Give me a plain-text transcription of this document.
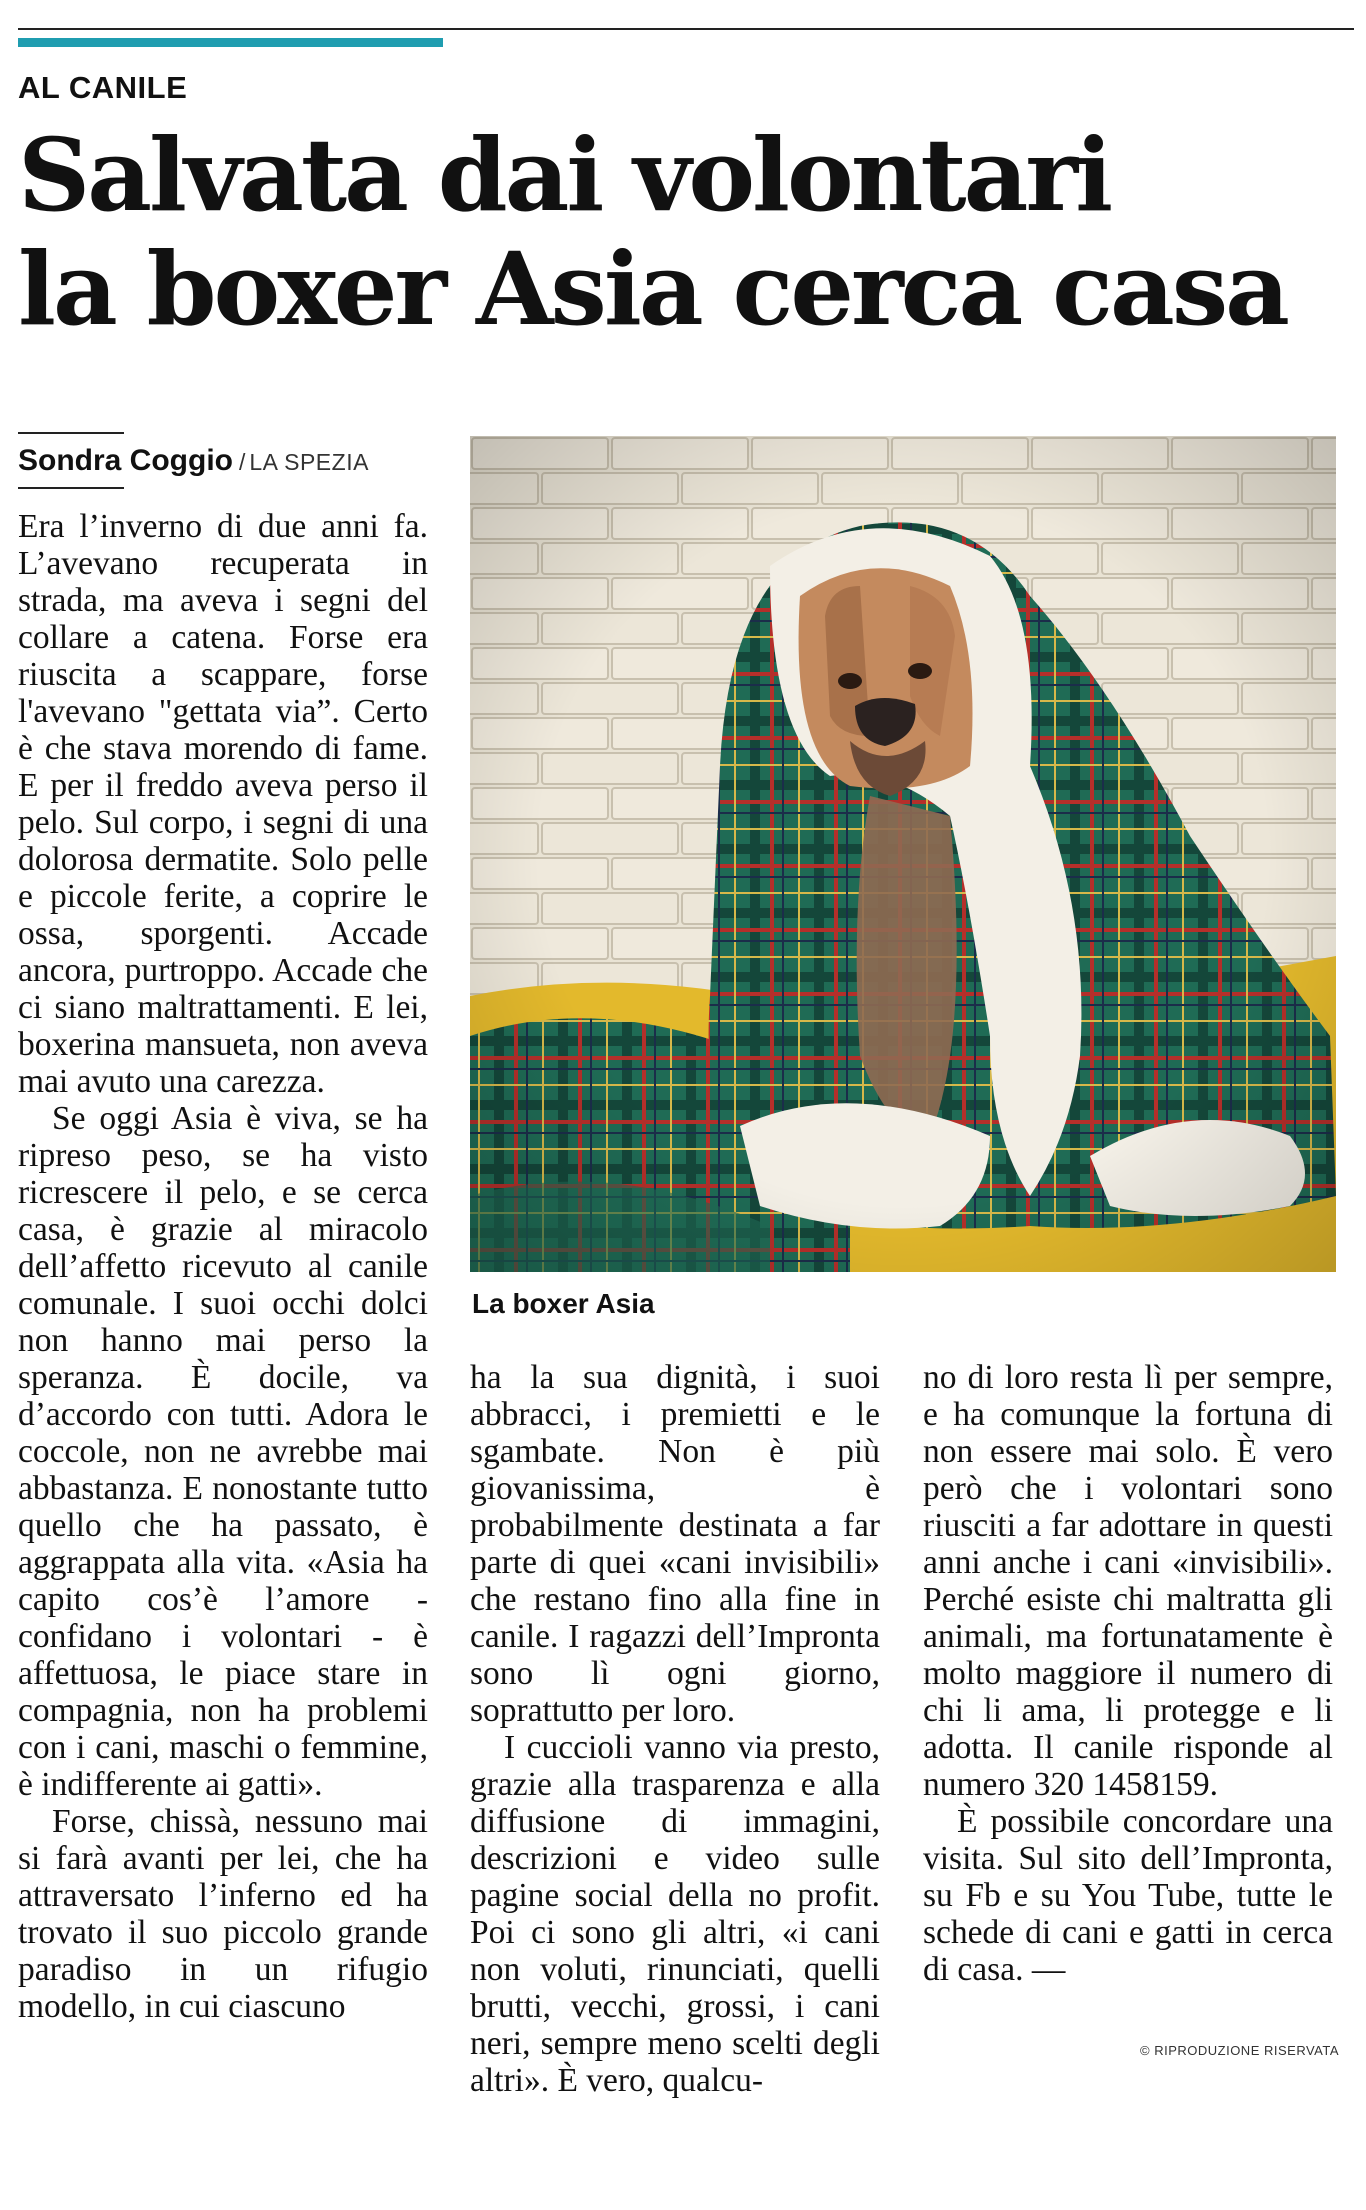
AL CANILE
Salvata dai volontari
la boxer Asia cerca casa
Sondra Coggio / LA SPEZIA
La boxer Asia

Era l’inverno di due anni fa. L’avevano recuperata in strada, ma aveva i segni del collare a catena. Forse era riuscita a scappare, forse l'avevano "gettata via”. Certo è che stava morendo di fame. E per il freddo aveva perso il pelo. Sul corpo, i segni di una dolorosa dermatite. Solo pelle e piccole ferite, a coprire le ossa, sporgenti. Accade ancora, purtroppo. Accade che ci siano maltrattamenti. E lei, boxerina mansueta, non aveva mai avuto una carezza.

Se oggi Asia è viva, se ha ripreso peso, se ha visto ricrescere il pelo, e se cerca casa, è grazie al miracolo dell’affetto ricevuto al canile comunale. I suoi occhi dolci non hanno mai perso la speranza. È docile, va d’accordo con tutti. Adora le coccole, non ne avrebbe mai abbastanza. E nonostante tutto quello che ha passato, è aggrappata alla vita. «Asia ha capito cos’è l’amore - confidano i volontari - è affettuosa, le piace stare in compagnia, non ha problemi con i cani, maschi o femmine, è indifferente ai gatti».

Forse, chissà, nessuno mai si farà avanti per lei, che ha attraversato l’inferno ed ha trovato il suo piccolo grande paradiso in un rifugio modello, in cui ciascuno

ha la sua dignità, i suoi abbracci, i premietti e le sgambate. Non è più giovanissima, è probabilmente destinata a far parte di quei «cani invisibili» che restano fino alla fine in canile. I ragazzi dell’Impronta sono lì ogni giorno, soprattutto per loro.

I cuccioli vanno via presto, grazie alla trasparenza e alla diffusione di immagini, descrizioni e video sulle pagine social della no profit. Poi ci sono gli altri, «i cani non voluti, rinunciati, quelli brutti, vecchi, grossi, i cani neri, sempre meno scelti degli altri». È vero, qualcu-

no di loro resta lì per sempre, e ha comunque la fortuna di non essere mai solo. È vero però che i volontari sono riusciti a far adottare in questi anni anche i cani «invisibili». Perché esiste chi maltratta gli animali, ma fortunatamente è molto maggiore il numero di chi li ama, li protegge e li adotta. Il canile risponde al numero 320 1458159.

È possibile concordare una visita. Sul sito dell’Impronta, su Fb e su You Tube, tutte le schede di cani e gatti in cerca di casa. —

© RIPRODUZIONE RISERVATA
